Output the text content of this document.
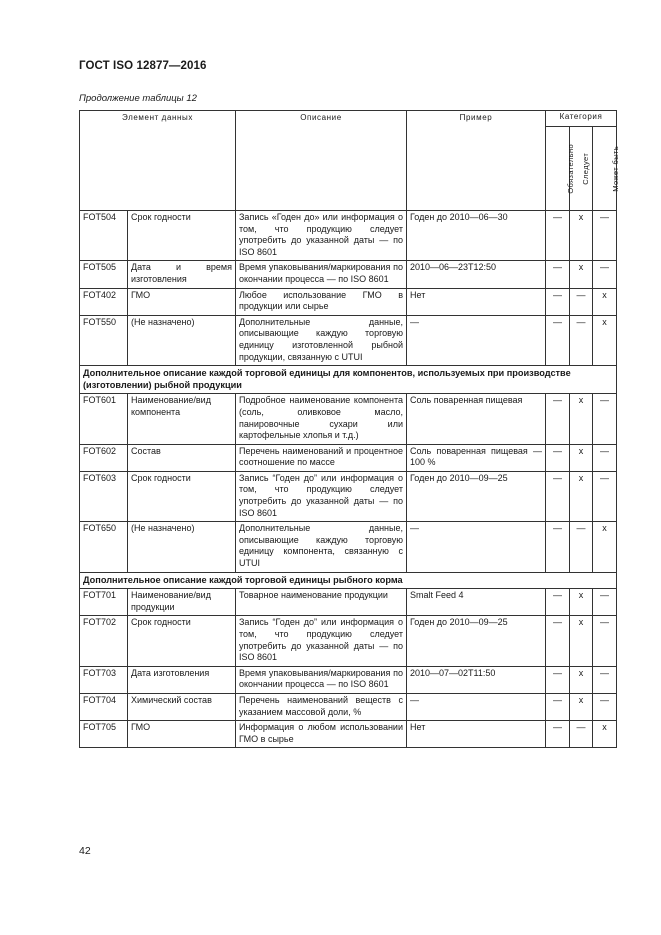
ГОСТ ISO 12877—2016
Продолжение таблицы 12
Элемент данных		Описание	Пример	Категория		
				Обязательно	Следует	Может быть
FOT504	Срок годности	Запись «Годен до» или информация о том, что продукцию следует употребить до указанной даты — по ISO 8601	Годен до 2010—06—30	—	x	—
FOT505	Дата и время изготовления	Время упаковывания/маркирования по окончании процесса — по ISO 8601	2010—06—23T12:50	—	x	—
FOT402	ГМО	Любое использование ГМО в продукции или сырье	Нет	—	—	x
FOT550	(Не назначено)	Дополнительные данные, описывающие каждую торговую единицу изготовленной рыбной продукции, связанную с UTUI	—	—	—	x
Дополнительное описание каждой торговой единицы для компонентов, используемых при производстве (изготовлении) рыбной продукции						
FOT601	Наименование/вид компонента	Подробное наименование компонента (соль, оливковое масло, панировочные сухари или картофельные хлопья и т.д.)	Соль поваренная пищевая	—	x	—
FOT602	Состав	Перечень наименований и процентное соотношение по массе	Соль поваренная пищевая — 100 %	—	x	—
FOT603	Срок годности	Запись “Годен до” или информация о том, что продукцию следует употребить до указанной даты — по ISO 8601	Годен до 2010—09—25	—	x	—
FOT650	(Не назначено)	Дополнительные данные, описывающие каждую торговую единицу компонента, связанную с UTUI	—	—	—	x
Дополнительное описание каждой торговой единицы рыбного корма						
FOT701	Наименование/вид продукции	Товарное наименование продукции	Smalt Feed 4	—	x	—
FOT702	Срок годности	Запись “Годен до” или информация о том, что продукцию следует употребить до указанной даты — по ISO 8601	Годен до 2010—09—25	—	x	—
FOT703	Дата изготовления	Время упаковывания/маркирования по окончании процесса — по ISO 8601	2010—07—02T11:50	—	x	—
FOT704	Химический состав	Перечень наименований веществ с указанием массовой доли, %	—	—	x	—
FOT705	ГМО	Информация о любом использовании ГМО в сырье	Нет	—	—	x
42
